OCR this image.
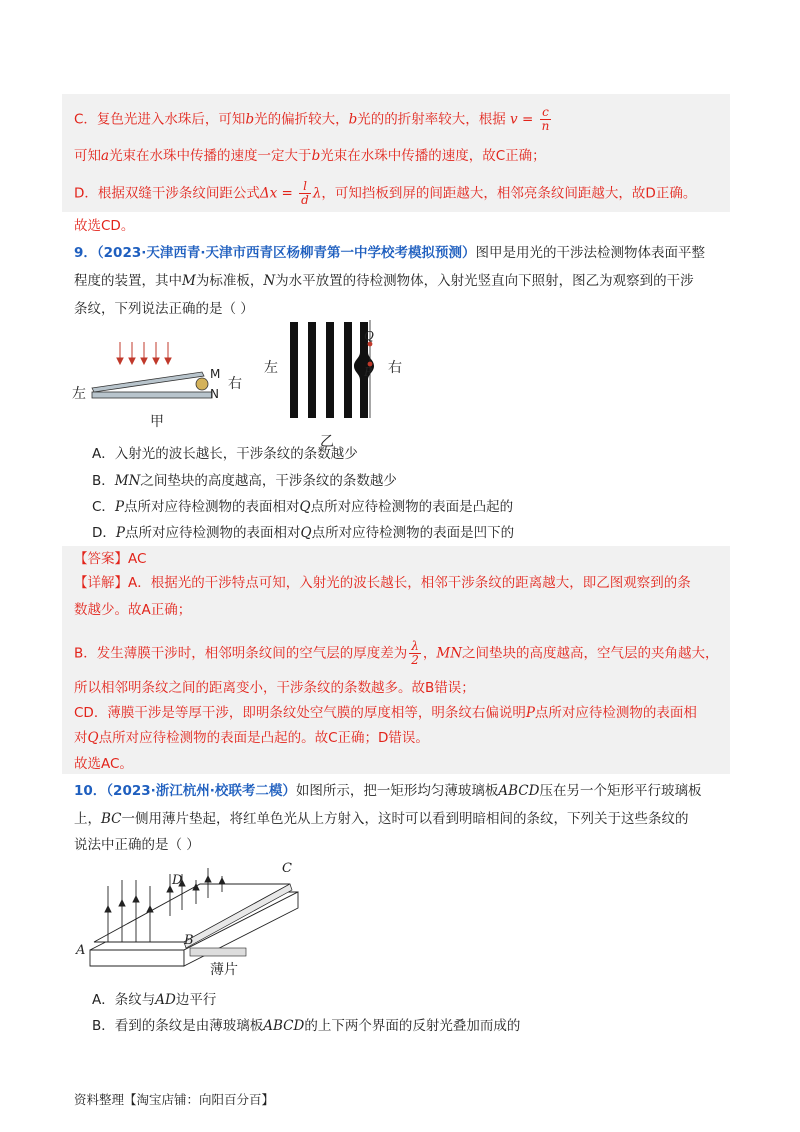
C．复色光进入水珠后，可知b光的偏折较大，b光的的折射率较大，根据 $v = \frac{c}{n}$
可知a光束在水珠中传播的速度一定大于b光束在水珠中传播的速度，故C正确；
D．根据双缝干涉条纹间距公式$\Delta x = \frac{l}{d}$ λ，可知挡板到屏的间距越大，相邻亮条纹间距越大，故D正确。
故选CD。
9．（2023·天津西青·天津市西青区杨柳青第一中学校考模拟预测）图甲是用光的干涉法检测物体表面平整
程度的装置，其中M为标准板，N为水平放置的待检测物体，入射光竖直向下照射，图乙为观察到的干涉
条纹，下列说法正确的是（ ）
左
M
N
右
甲
Q
P
左	右
乙
A．入射光的波长越长，干涉条纹的条数越少
B．MN之间垫块的高度越高，干涉条纹的条数越少
C．P点所对应待检测物的表面相对Q点所对应待检测物的表面是凸起的
D．P点所对应待检测物的表面相对Q点所对应待检测物的表面是凹下的
【答案】AC
【详解】A．根据光的干涉特点可知，入射光的波长越长，相邻干涉条纹的距离越大，即乙图观察到的条
数越少。故A正确；
B．发生薄膜干涉时，相邻明条纹间的空气层的厚度差为 $\frac{\lambda}{2}$ ，MN之间垫块的高度越高，空气层的夹角越大，
所以相邻明条纹之间的距离变小，干涉条纹的条数越多。故B错误；
CD．薄膜干涉是等厚干涉，即明条纹处空气膜的厚度相等，明条纹右偏说明P点所对应待检测物的表面相
对Q点所对应待检测物的表面是凸起的。故C正确；D错误。
故选AC。
10．（2023·浙江杭州·校联考二模）如图所示，把一矩形均匀薄玻璃板ABCD压在另一个矩形平行玻璃板
上，BC一侧用薄片垫起，将红单色光从上方射入，这时可以看到明暗相间的条纹，下列关于这些条纹的
说法中正确的是（ ）
A
B
C
D
薄片
A．条纹与AD边平行
B．看到的条纹是由薄玻璃板ABCD的上下两个界面的反射光叠加而成的
资料整理【淘宝店铺：向阳百分百】
